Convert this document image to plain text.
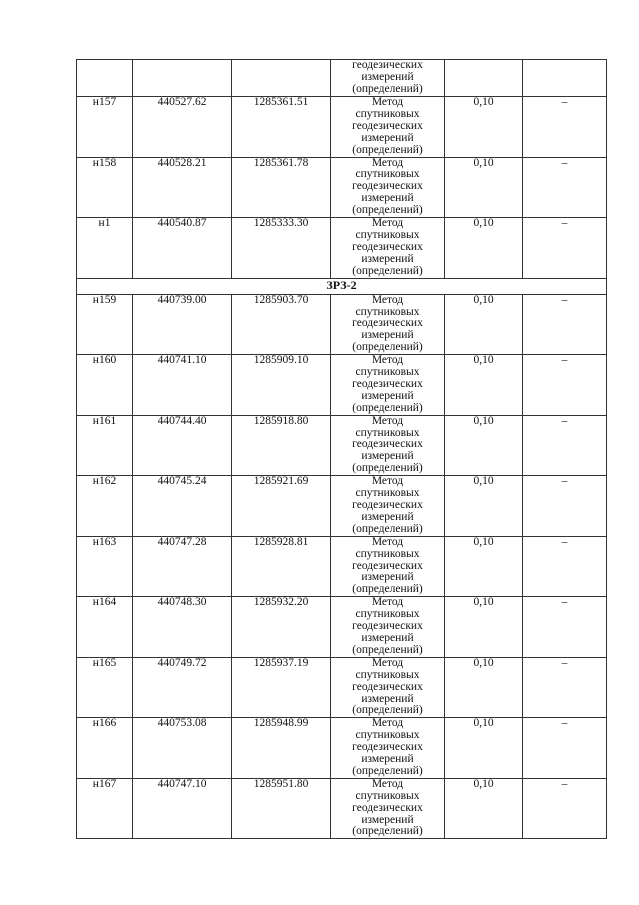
			геодезических
измерений
(определений)		

н157	440527.62	1285361.51	Метод
спутниковых
геодезических
измерений
(определений)	0,10	–
н158	440528.21	1285361.78	Метод
спутниковых
геодезических
измерений
(определений)	0,10	–
н1	440540.87	1285333.30	Метод
спутниковых
геодезических
измерений
(определений)	0,10	–
ЗРЗ-2					
н159	440739.00	1285903.70	Метод
спутниковых
геодезических
измерений
(определений)	0,10	–
н160	440741.10	1285909.10	Метод
спутниковых
геодезических
измерений
(определений)	0,10	–
н161	440744.40	1285918.80	Метод
спутниковых
геодезических
измерений
(определений)	0,10	–
н162	440745.24	1285921.69	Метод
спутниковых
геодезических
измерений
(определений)	0,10	–
н163	440747.28	1285928.81	Метод
спутниковых
геодезических
измерений
(определений)	0,10	–
н164	440748.30	1285932.20	Метод
спутниковых
геодезических
измерений
(определений)	0,10	–
н165	440749.72	1285937.19	Метод
спутниковых
геодезических
измерений
(определений)	0,10	–
н166	440753.08	1285948.99	Метод
спутниковых
геодезических
измерений
(определений)	0,10	–
н167	440747.10	1285951.80	Метод
спутниковых
геодезических
измерений
(определений)	0,10	–
